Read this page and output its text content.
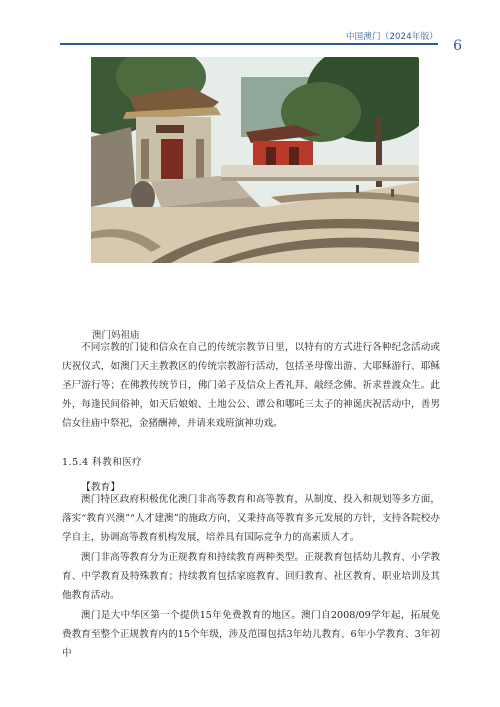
中国澳门（2024年版）
6
澳门妈祖庙

不同宗教的门徒和信众在自己的传统宗教节日里，以特有的方式进行各种纪念活动或庆祝仪式，如澳门天主教教区的传统宗教游行活动，包括圣母像出游、大耶稣游行、耶稣圣尸游行等；在佛教传统节日，佛门弟子及信众上香礼拜、敲经念佛、祈求普渡众生。此外，每逢民间俗神，如天后娘娘、土地公公、谭公和哪吒三太子的神诞庆祝活动中，善男信女往庙中祭祀，金猪酬神，并请来戏班演神功戏。

1.5.4 科教和医疗
【教育】

澳门特区政府积极优化澳门非高等教育和高等教育，从制度、投入和规划等多方面，落实“教育兴澳”“人才建澳”的施政方向，又秉持高等教育多元发展的方针，支持各院校办学自主，协调高等教育机构发展，培养具有国际竞争力的高素质人才。

澳门非高等教育分为正规教育和持续教育两种类型。正规教育包括幼儿教育、小学教育、中学教育及特殊教育；持续教育包括家庭教育、回归教育、社区教育、职业培训及其他教育活动。

澳门是大中华区第一个提供15年免费教育的地区。澳门自2008/09学年起，拓展免费教育至整个正规教育内的15个年级，涉及范围包括3年幼儿教育、6年小学教育、3年初中
